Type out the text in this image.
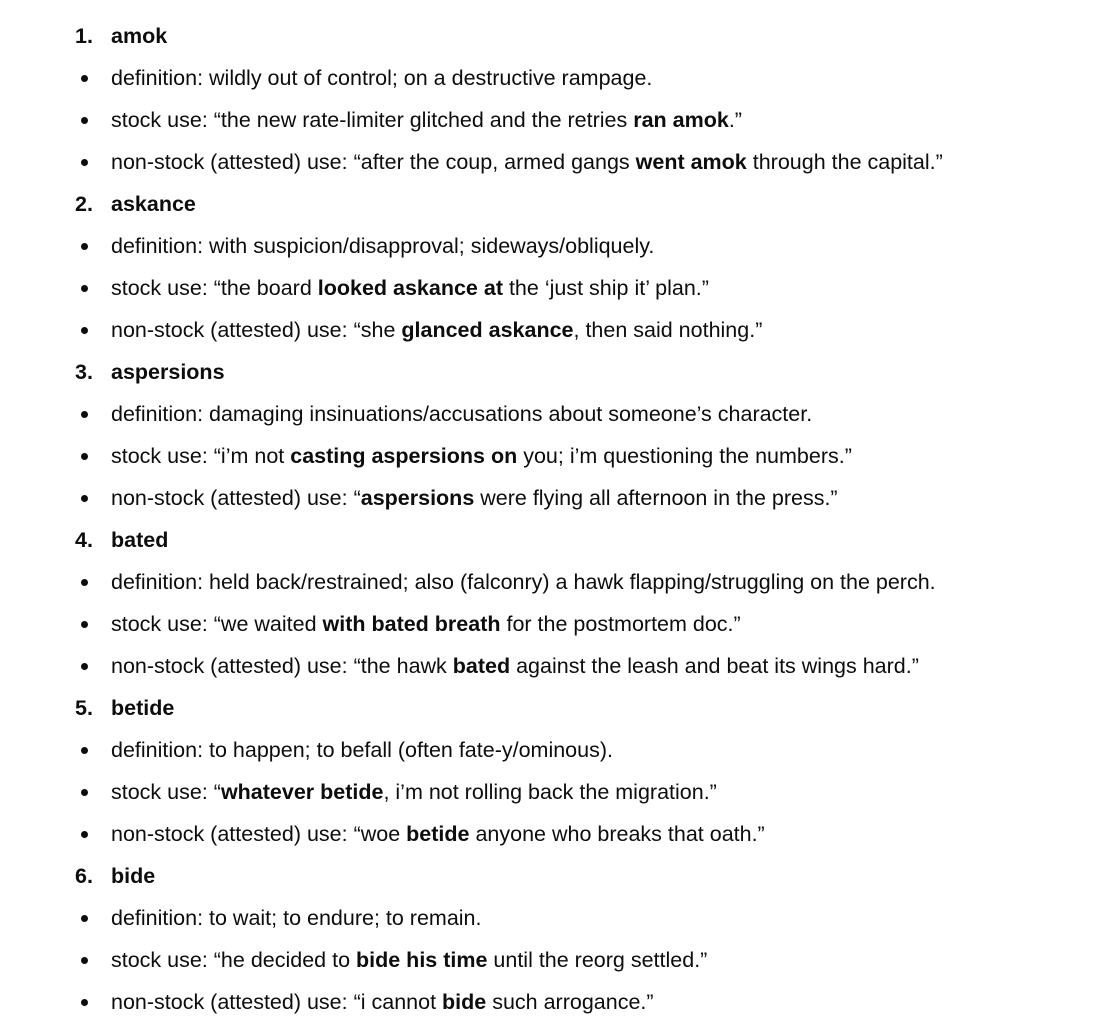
1. amok
definition: wildly out of control; on a destructive rampage.
stock use: “the new rate-limiter glitched and the retries ran amok.”
non-stock (attested) use: “after the coup, armed gangs went amok through the capital.”
2. askance
definition: with suspicion/disapproval; sideways/obliquely.
stock use: “the board looked askance at the ‘just ship it’ plan.”
non-stock (attested) use: “she glanced askance, then said nothing.”
3. aspersions
definition: damaging insinuations/accusations about someone’s character.
stock use: “i’m not casting aspersions on you; i’m questioning the numbers.”
non-stock (attested) use: “aspersions were flying all afternoon in the press.”
4. bated
definition: held back/restrained; also (falconry) a hawk flapping/struggling on the perch.
stock use: “we waited with bated breath for the postmortem doc.”
non-stock (attested) use: “the hawk bated against the leash and beat its wings hard.”
5. betide
definition: to happen; to befall (often fate-y/ominous).
stock use: “whatever betide, i’m not rolling back the migration.”
non-stock (attested) use: “woe betide anyone who breaks that oath.”
6. bide
definition: to wait; to endure; to remain.
stock use: “he decided to bide his time until the reorg settled.”
non-stock (attested) use: “i cannot bide such arrogance.”
